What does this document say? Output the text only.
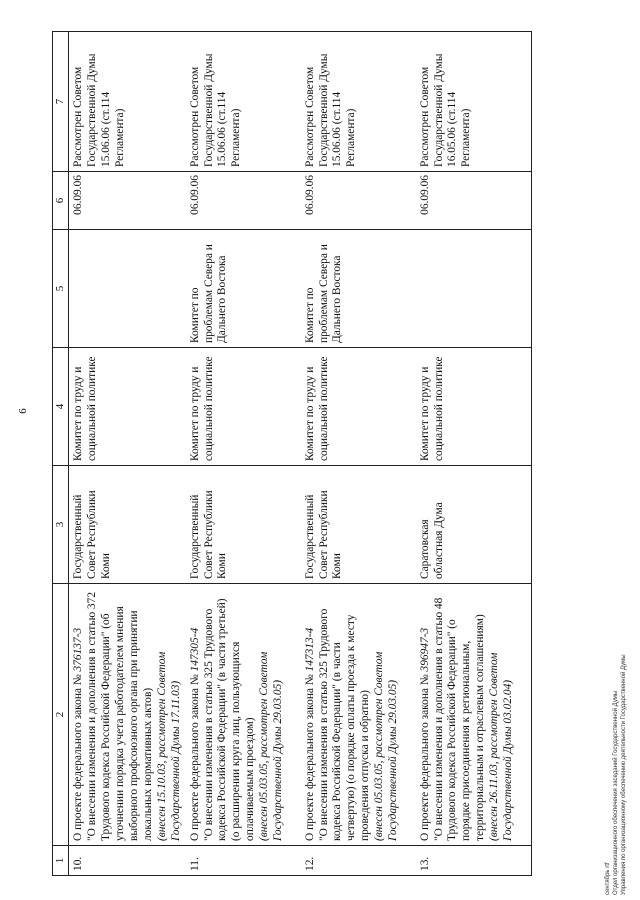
6
1	2	3	4	5	6	7
10.	О проекте федерального закона № 376137-3 "О внесении изменения и дополнения в статью 372 Трудового кодекса Российской Федерации" (об уточнении порядка учета работодателем мнения выборного профсоюзного органа при принятии локальных нормативных актов) (внесен 15.10.03, рассмотрен Советом Государственной Думы 17.11.03)	Государственный Совет Республики Коми	Комитет по труду и социальной политике		06.09.06	Рассмотрен Советом Государственной Думы 15.06.06 (ст.114 Регламента)
11.	О проекте федерального закона № 147305-4 "О внесении изменения в статью 325 Трудового кодекса Российской Федерации" (в части третьей) (о расширении круга лиц, пользующихся оплачиваемым проездом) (внесен 05.03.05, рассмотрен Советом Государственной Думы 29.03.05)	Государственный Совет Республики Коми	Комитет по труду и социальной политике	Комитет по проблемам Севера и Дальнего Востока	06.09.06	Рассмотрен Советом Государственной Думы 15.06.06 (ст.114 Регламента)
12.	О проекте федерального закона № 147313-4 "О внесении изменения в статью 325 Трудового кодекса Российской Федерации" (в части четвертую) (о порядке оплаты проезда к месту проведения отпуска и обратно) (внесен 05.03.05, рассмотрен Советом Государственной Думы 29.03.05)	Государственный Совет Республики Коми	Комитет по труду и социальной политике	Комитет по проблемам Севера и Дальнего Востока	06.09.06	Рассмотрен Советом Государственной Думы 15.06.06 (ст.114 Регламента)
13.	О проекте федерального закона № 396947-3 "О внесении изменения и дополнения в статью 48 Трудового кодекса Российской Федерации" (о порядке присоединения к региональным, территориальным и отраслевым соглашениям) (внесен 26.11.03, рассмотрен Советом Государственной Думы 03.02.04)	Саратовская областная Дума	Комитет по труду и социальной политике		06.09.06	Рассмотрен Советом Государственной Думы 16.05.06 (ст.114 Регламента)
сентябрь rtf Отдел организационного обеспечения заседаний Государственной Думы Управления по организационному обеспечению деятельности Государственной Думы
